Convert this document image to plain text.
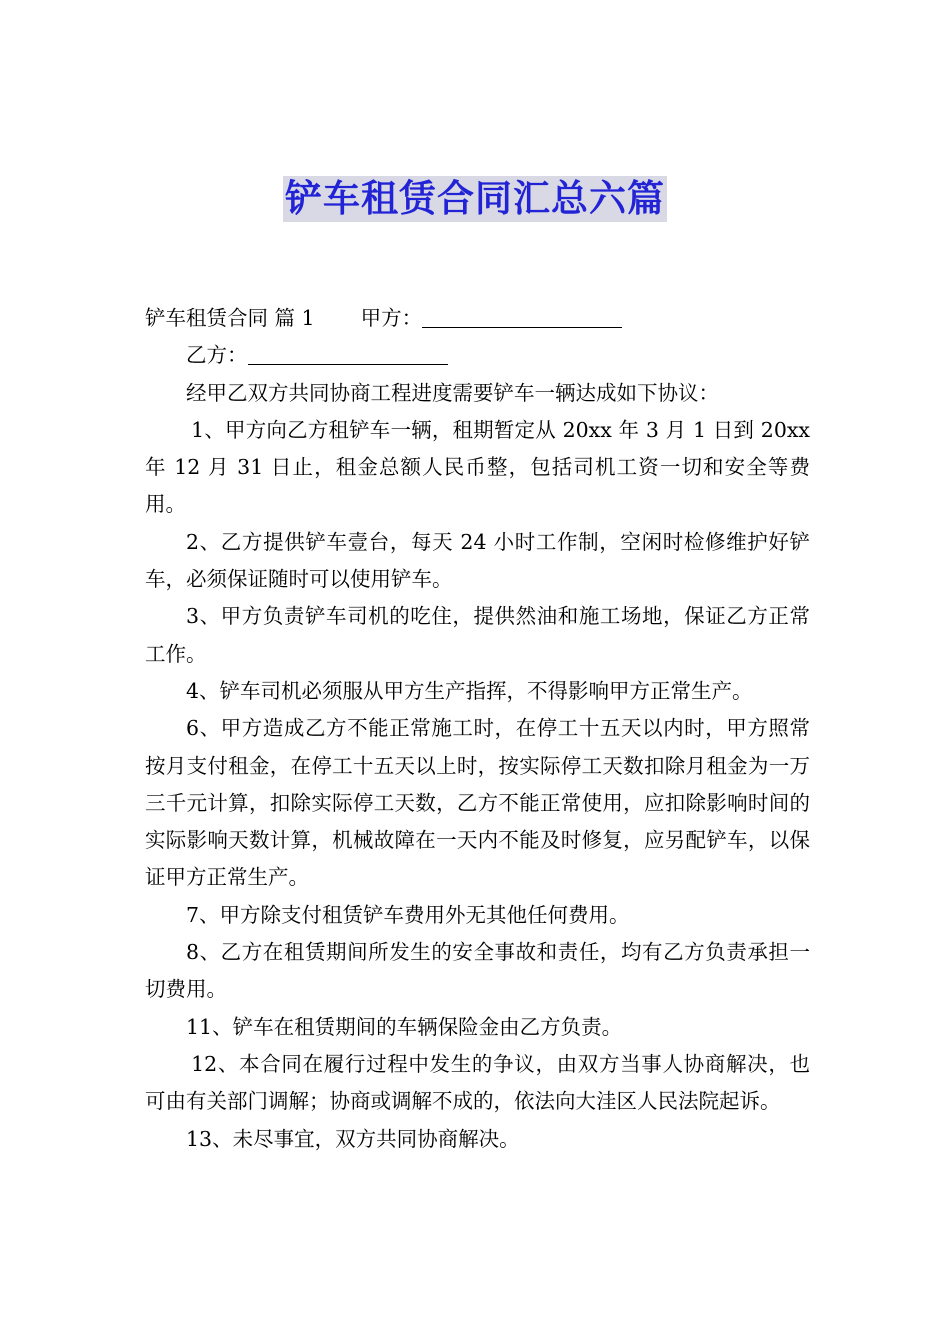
铲车租赁合同汇总六篇

铲车租赁合同 篇 1 甲方：

乙方：

经甲乙双方共同协商工程进度需要铲车一辆达成如下协议：

1、甲方向乙方租铲车一辆，租期暂定从 20xx 年 3 月 1 日到 20xx 年 12 月 31 日止，租金总额人民币整，包括司机工资一切和安全等费用。

2、乙方提供铲车壹台，每天 24 小时工作制，空闲时检修维护好铲车，必须保证随时可以使用铲车。

3、甲方负责铲车司机的吃住，提供然油和施工场地，保证乙方正常工作。

4、铲车司机必须服从甲方生产指挥，不得影响甲方正常生产。

6、甲方造成乙方不能正常施工时，在停工十五天以内时，甲方照常按月支付租金，在停工十五天以上时，按实际停工天数扣除月租金为一万三千元计算，扣除实际停工天数，乙方不能正常使用，应扣除影响时间的实际影响天数计算，机械故障在一天内不能及时修复，应另配铲车，以保证甲方正常生产。

7、甲方除支付租赁铲车费用外无其他任何费用。

8、乙方在租赁期间所发生的安全事故和责任，均有乙方负责承担一切费用。

11、铲车在租赁期间的车辆保险金由乙方负责。

12、本合同在履行过程中发生的争议，由双方当事人协商解决，也可由有关部门调解；协商或调解不成的，依法向大洼区人民法院起诉。

13、未尽事宜，双方共同协商解决。
